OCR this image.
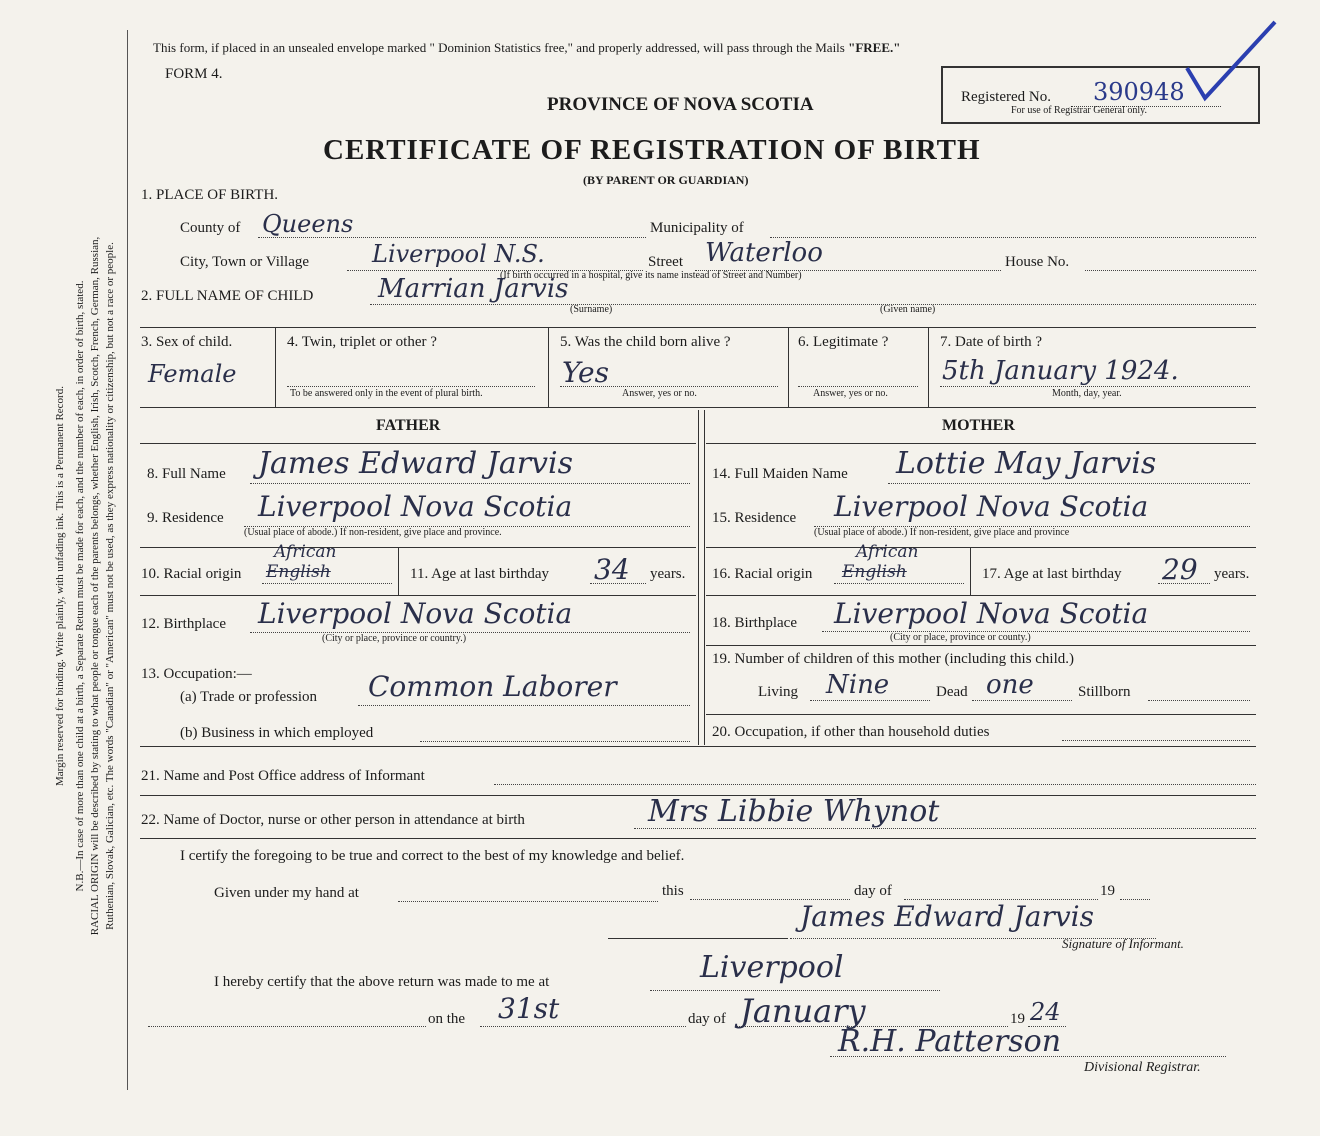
Margin reserved for binding. Write plainly, with unfading ink. This is a Permanent Record. N.B.—In case of more than one child at a birth, a Separate Return must be made for each, and the number of each, in order of birth, stated. RACIAL ORIGIN will be described by stating to what people or tongue each of the parents belongs, whether English, Irish, Scotch, French, German, Russian, Ruthenian, Slovak, Galician, etc. The words "Canadian" or "American" must not be used, as they express nationality or citizenship, but not a race or people.
This form, if placed in an unsealed envelope marked " Dominion Statistics free," and properly addressed, will pass through the Mails "FREE."
FORM 4.
PROVINCE OF NOVA SCOTIA
CERTIFICATE OF REGISTRATION OF BIRTH
(BY PARENT OR GUARDIAN)
Registered No. 390948
For use of Registrar General only.
1. PLACE OF BIRTH.
County of Queens	Municipality of
City, Town or Village	Liverpool N.S.	Street Waterloo
(If birth occurred in a hospital, give its name instead of Street and Number)
House No.
2. FULL NAME OF CHILD Marrian Jarvis
(Surname)	(Given name)
3. Sex of child.
Female
4. Twin, triplet or other ?
To be answered only in the event of plural birth.
5. Was the child born alive ?
Yes
Answer, yes or no.
6. Legitimate ?
Answer, yes or no.
7. Date of birth ?
5th January 1924.
Month, day, year.
FATHER	MOTHER
8. Full Name James Edward Jarvis
9. Residence Liverpool Nova Scotia
(Usual place of abode.) If non-resident, give place and province.
10. Racial origin English
African
11. Age at last birthday 34 years.
12. Birthplace Liverpool Nova Scotia
(City or place, province or country.)
13. Occupation:—
(a) Trade or profession Common Laborer
(b) Business in which employed
14. Full Maiden Name Lottie May Jarvis
15. Residence Liverpool Nova Scotia
(Usual place of abode.) If non-resident, give place and province
16. Racial origin English
African
17. Age at last birthday 29 years.
18. Birthplace Liverpool Nova Scotia
(City or place, province or county.)
19. Number of children of this mother (including this child.)
Living Nine	Dead one	Stillborn
20. Occupation, if other than household duties
21. Name and Post Office address of Informant
22. Name of Doctor, nurse or other person in attendance at birth	Mrs Libbie Whynot
I certify the foregoing to be true and correct to the best of my knowledge and belief.
Given under my hand at	this	day of	19
James Edward Jarvis
Signature of Informant.
I hereby certify that the above return was made to me at	Liverpool
on the 31st	day of January	19 24
R.H. Patterson
Divisional Registrar.
